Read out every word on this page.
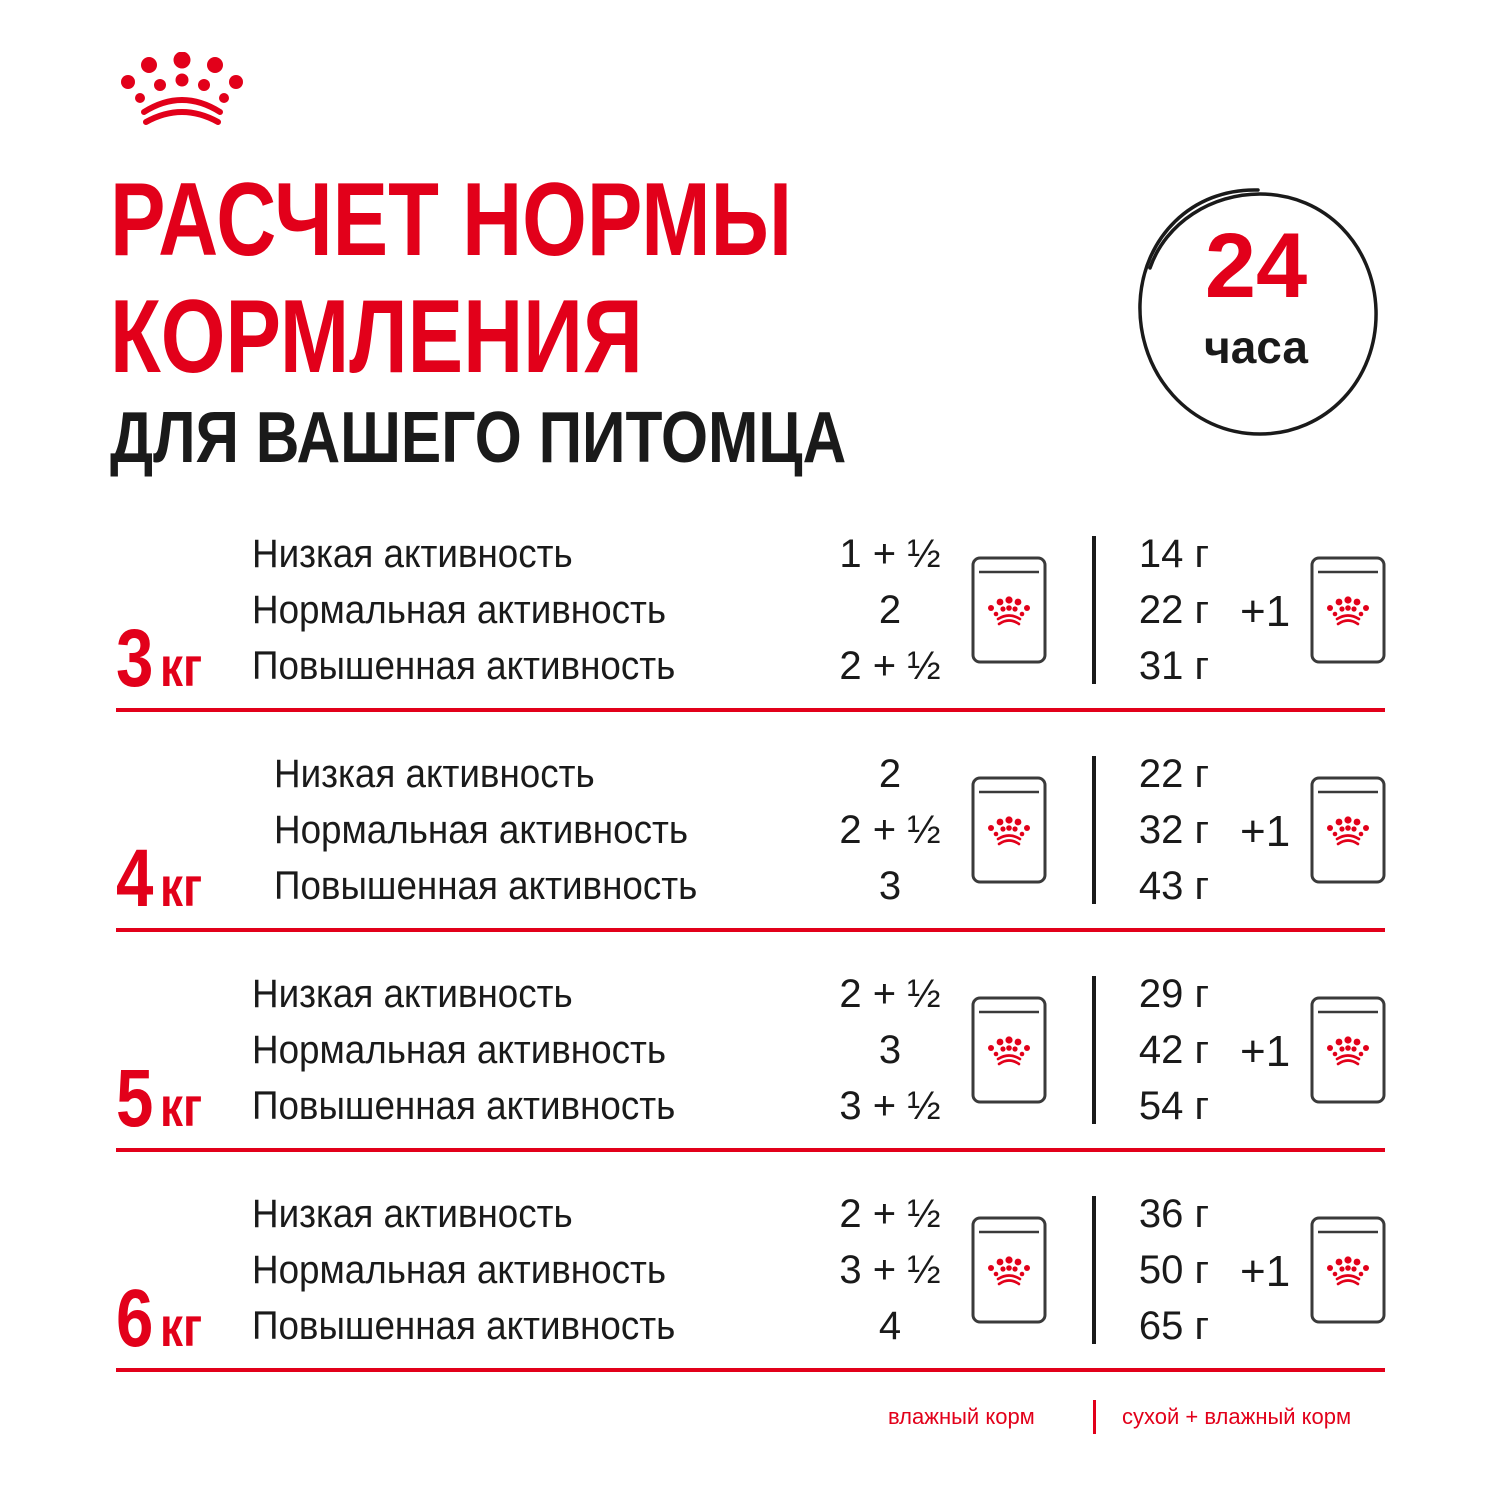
РАСЧЕТ НОРМЫ
КОРМЛЕНИЯ
ДЛЯ ВАШЕГО ПИТОМЦА
24
часа
3 кг
Низкая активность	1 + ½	14 г
Нормальная активность	2	22 г
Повышенная активность	2 + ½	31 г
+1
4 кг
Низкая активность	2	22 г
Нормальная активность	2 + ½	32 г
Повышенная активность	3	43 г
+1
5 кг
Низкая активность	2 + ½	29 г
Нормальная активность	3	42 г
Повышенная активность	3 + ½	54 г
+1
6 кг
Низкая активность	2 + ½	36 г
Нормальная активность	3 + ½	50 г
Повышенная активность	4	65 г
+1
влажный корм	сухой + влажный корм
